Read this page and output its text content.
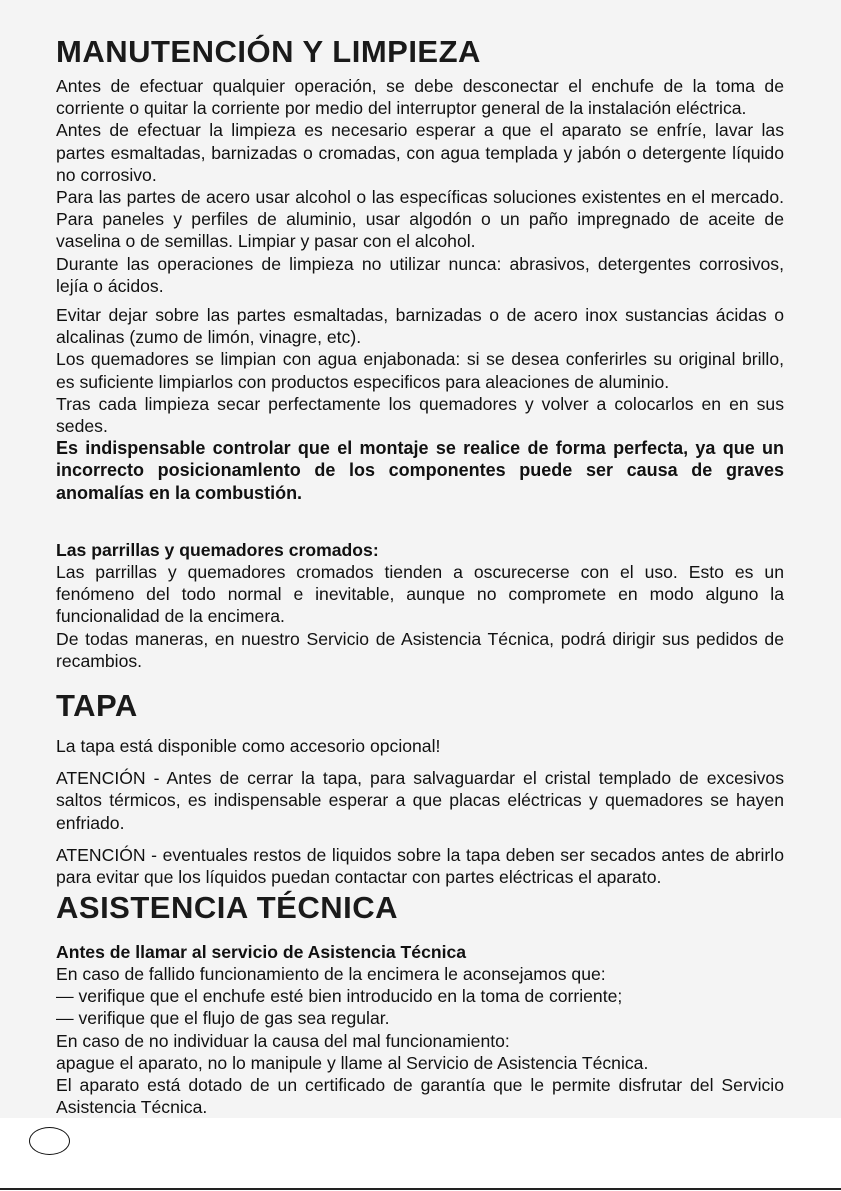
MANUTENCIÓN Y LIMPIEZA

Antes de efectuar qualquier operación, se debe desconectar el enchufe de la toma de corriente o quitar la corriente por medio del interruptor general de la instalación eléctrica.

Antes de efectuar la limpieza es necesario esperar a que el aparato se enfríe, lavar las partes esmaltadas, barnizadas o cromadas, con agua templada y jabón o detergente líquido no corrosivo.

Para las partes de acero usar alcohol o las específicas soluciones existentes en el mercado. Para paneles y perfiles de aluminio, usar algodón o un paño impregnado de aceite de vaselina o de semillas. Limpiar y pasar con el alcohol.

Durante las operaciones de limpieza no utilizar nunca: abrasivos, detergentes corrosivos, lejía o ácidos.

Evitar dejar sobre las partes esmaltadas, barnizadas o de acero inox sustancias ácidas o alcalinas (zumo de limón, vinagre, etc).

Los quemadores se limpian con agua enjabonada: si se desea conferirles su original brillo, es suficiente limpiarlos con productos especificos para aleaciones de aluminio.

Tras cada limpieza secar perfectamente los quemadores y volver a colocarlos en en sus sedes.

Es indispensable controlar que el montaje se realice de forma perfecta, ya que un incorrecto posicionamlento de los componentes puede ser causa de graves anomalías en la combustión.

Las parrillas y quemadores cromados:

Las parrillas y quemadores cromados tienden a oscurecerse con el uso. Esto es un fenómeno del todo normal e inevitable, aunque no compromete en modo alguno la funcionalidad de la encimera.

De todas maneras, en nuestro Servicio de Asistencia Técnica, podrá dirigir sus pedidos de recambios.

TAPA

La tapa está disponible como accesorio opcional!

ATENCIÓN - Antes de cerrar la tapa, para salvaguardar el cristal templado de excesivos saltos térmicos, es indispensable esperar a que placas eléctricas y quemadores se hayen enfriado.

ATENCIÓN - eventuales restos de liquidos sobre la tapa deben ser secados antes de abrirlo para evitar que los líquidos puedan contactar con partes eléctricas el aparato.

ASISTENCIA TÉCNICA
Antes de llamar al servicio de Asistencia Técnica

En caso de fallido funcionamiento de la encimera le aconsejamos que:

— verifique que el enchufe esté bien introducido en la toma de corriente;

— verifique que el flujo de gas sea regular.

En caso de no individuar la causa del mal funcionamiento:

apague el aparato, no lo manipule y llame al Servicio de Asistencia Técnica.

El aparato está dotado de un certificado de garantía que le permite disfrutar del Servicio Asistencia Técnica.
